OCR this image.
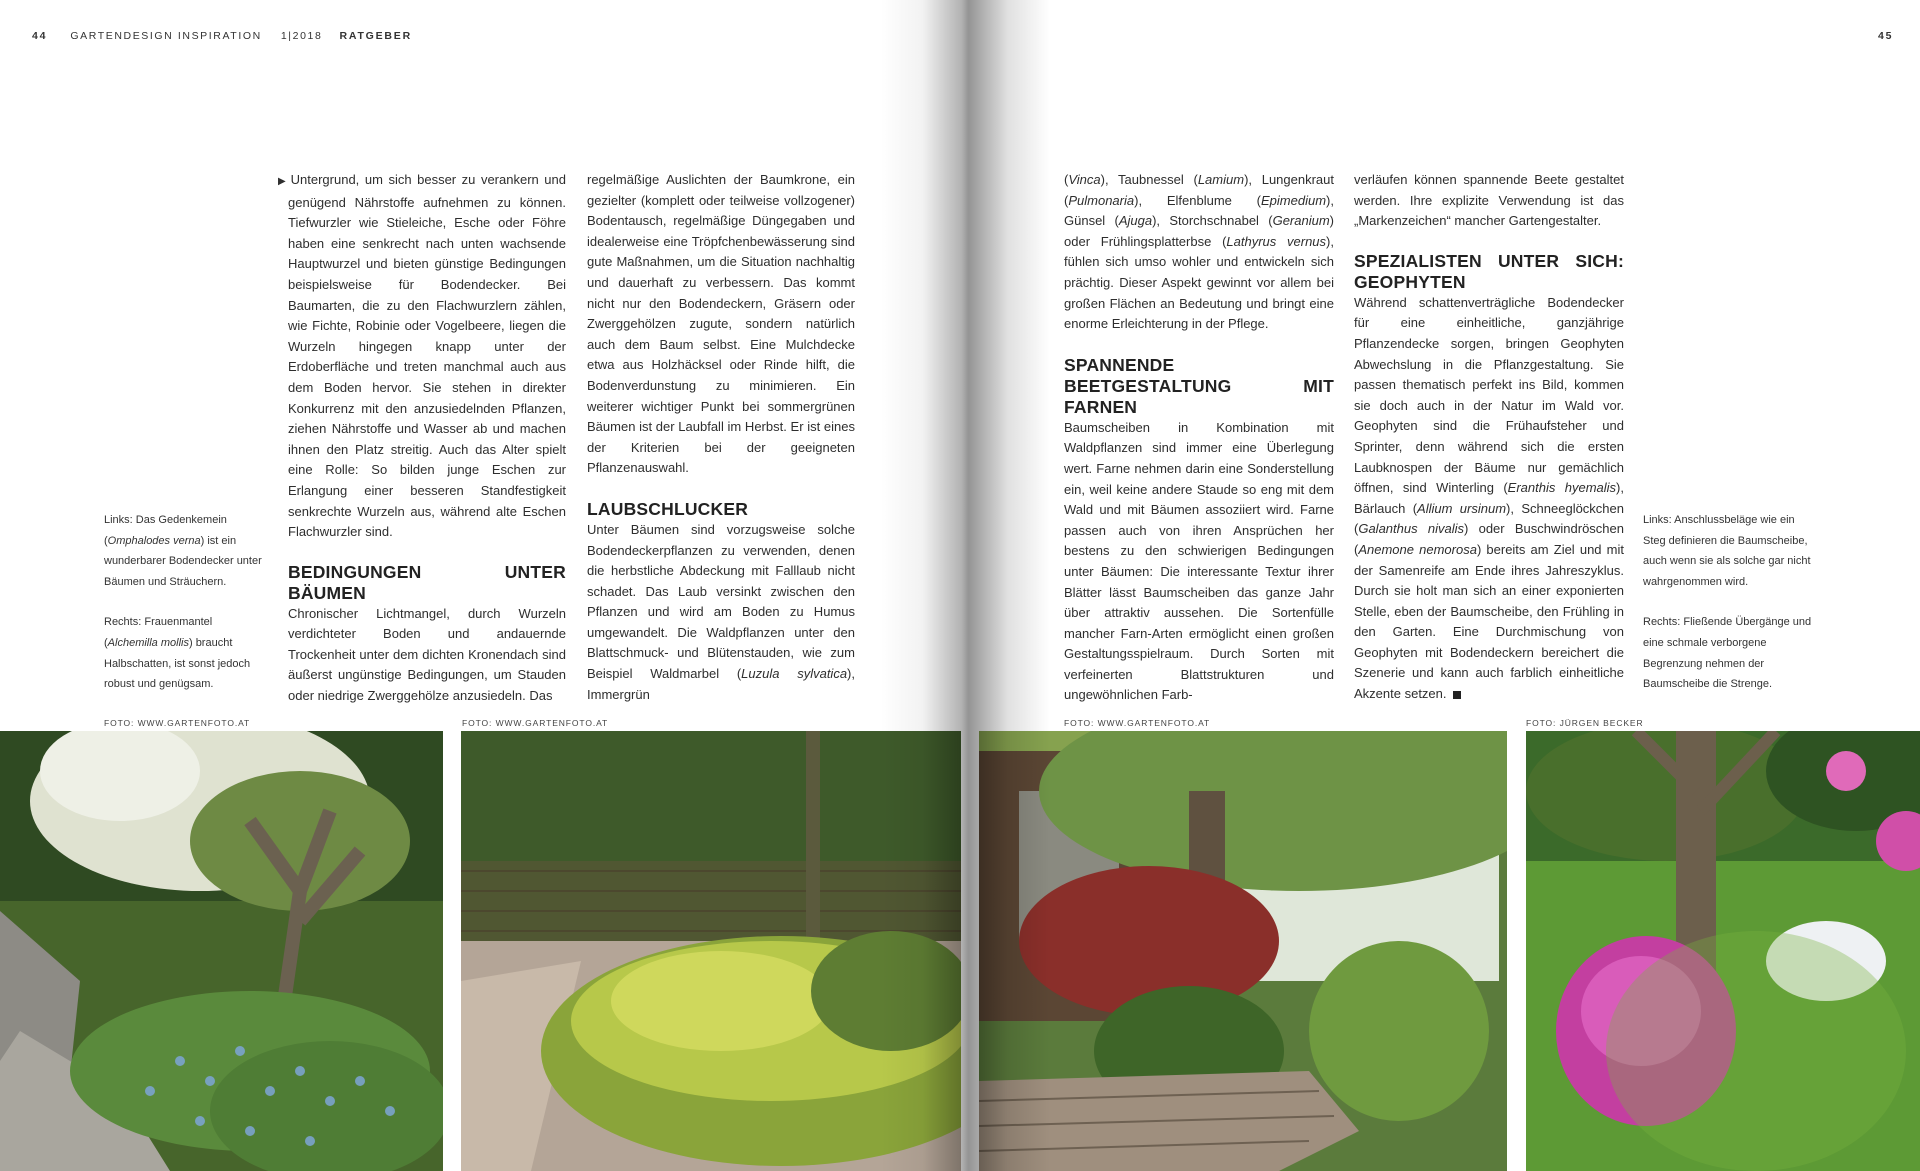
44 GARTENDESIGN INSPIRATION 1|2018 RATGEBER	45

▶ Untergrund, um sich besser zu verankern und genügend Nährstoffe aufnehmen zu können. Tiefwurzler wie Stieleiche, Esche oder Föhre haben eine senkrecht nach unten wachsende Hauptwurzel und bieten günstige Bedingungen beispielsweise für Bodendecker. Bei Baumarten, die zu den Flachwurzlern zählen, wie Fichte, Robinie oder Vogelbeere, liegen die Wurzeln hingegen knapp unter der Erdoberfläche und treten manchmal auch aus dem Boden hervor. Sie stehen in direkter Konkurrenz mit den anzusiedelnden Pflanzen, ziehen Nährstoffe und Wasser ab und machen ihnen den Platz streitig. Auch das Alter spielt eine Rolle: So bilden junge Eschen zur Erlangung einer besseren Standfestigkeit senkrechte Wurzeln aus, während alte Eschen Flachwurzler sind.

BEDINGUNGEN UNTER BÄUMEN

Chronischer Lichtmangel, durch Wurzeln verdichteter Boden und andauernde Trockenheit unter dem dichten Kronendach sind äußerst ungünstige Bedingungen, um Stauden oder niedrige Zwerggehölze anzusiedeln. Das

regelmäßige Auslichten der Baumkrone, ein gezielter (komplett oder teilweise vollzogener) Bodentausch, regelmäßige Düngegaben und idealerweise eine Tröpfchenbewässerung sind gute Maßnahmen, um die Situation nachhaltig und dauerhaft zu verbessern. Das kommt nicht nur den Bodendeckern, Gräsern oder Zwerggehölzen zugute, sondern natürlich auch dem Baum selbst. Eine Mulchdecke etwa aus Holzhäcksel oder Rinde hilft, die Bodenverdunstung zu minimieren. Ein weiterer wichtiger Punkt bei sommergrünen Bäumen ist der Laubfall im Herbst. Er ist eines der Kriterien bei der geeigneten Pflanzenauswahl.

LAUBSCHLUCKER

Unter Bäumen sind vorzugsweise solche Bodendeckerpflanzen zu verwenden, denen die herbstliche Abdeckung mit Falllaub nicht schadet. Das Laub versinkt zwischen den Pflanzen und wird am Boden zu Humus umgewandelt. Die Waldpflanzen unter den Blattschmuck- und Blütenstauden, wie zum Beispiel Waldmarbel (Luzula sylvatica), Immergrün

(Vinca), Taubnessel (Lamium), Lungenkraut (Pulmonaria), Elfenblume (Epimedium), Günsel (Ajuga), Storchschnabel (Geranium) oder Frühlingsplatterbse (Lathyrus vernus), fühlen sich umso wohler und entwickeln sich prächtig. Dieser Aspekt gewinnt vor allem bei großen Flächen an Bedeutung und bringt eine enorme Erleichterung in der Pflege.

SPANNENDE BEETGESTALTUNG MIT FARNEN

Baumscheiben in Kombination mit Waldpflanzen sind immer eine Überlegung wert. Farne nehmen darin eine Sonderstellung ein, weil keine andere Staude so eng mit dem Wald und mit Bäumen assoziiert wird. Farne passen auch von ihren Ansprüchen her bestens zu den schwierigen Bedingungen unter Bäumen: Die interessante Textur ihrer Blätter lässt Baumscheiben das ganze Jahr über attraktiv aussehen. Die Sortenfülle mancher Farn-Arten ermöglicht einen großen Gestaltungsspielraum. Durch Sorten mit verfeinerten Blattstrukturen und ungewöhnlichen Farb-

verläufen können spannende Beete gestaltet werden. Ihre explizite Verwendung ist das „Markenzeichen“ mancher Gartengestalter.

SPEZIALISTEN UNTER SICH: GEOPHYTEN

Während schattenverträgliche Bodendecker für eine einheitliche, ganzjährige Pflanzendecke sorgen, bringen Geophyten Abwechslung in die Pflanzgestaltung. Sie passen thematisch perfekt ins Bild, kommen sie doch auch in der Natur im Wald vor. Geophyten sind die Frühaufsteher und Sprinter, denn während sich die ersten Laubknospen der Bäume nur gemächlich öffnen, sind Winterling (Eranthis hyemalis), Bärlauch (Allium ursinum), Schneeglöckchen (Galanthus nivalis) oder Buschwindröschen (Anemone nemorosa) bereits am Ziel und mit der Samenreife am Ende ihres Jahreszyklus. Durch sie holt man sich an einer exponierten Stelle, eben der Baumscheibe, den Frühling in den Garten. Eine Durchmischung von Geophyten mit Bodendeckern bereichert die Szenerie und kann auch farblich einheitliche Akzente setzen.

Links: Das Gedenkemein (Omphalodes verna) ist ein wunderbarer Bodendecker unter Bäumen und Sträuchern.

Rechts: Frauenmantel (Alchemilla mollis) braucht Halbschatten, ist sonst jedoch robust und genügsam.

Links: Anschlussbeläge wie ein Steg definieren die Baumscheibe, auch wenn sie als solche gar nicht wahrgenommen wird.

Rechts: Fließende Übergänge und eine schmale verborgene Begrenzung nehmen der Baumscheibe die Strenge.

FOTO: WWW.GARTENFOTO.AT	FOTO: WWW.GARTENFOTO.AT	FOTO: WWW.GARTENFOTO.AT	FOTO: JÜRGEN BECKER
